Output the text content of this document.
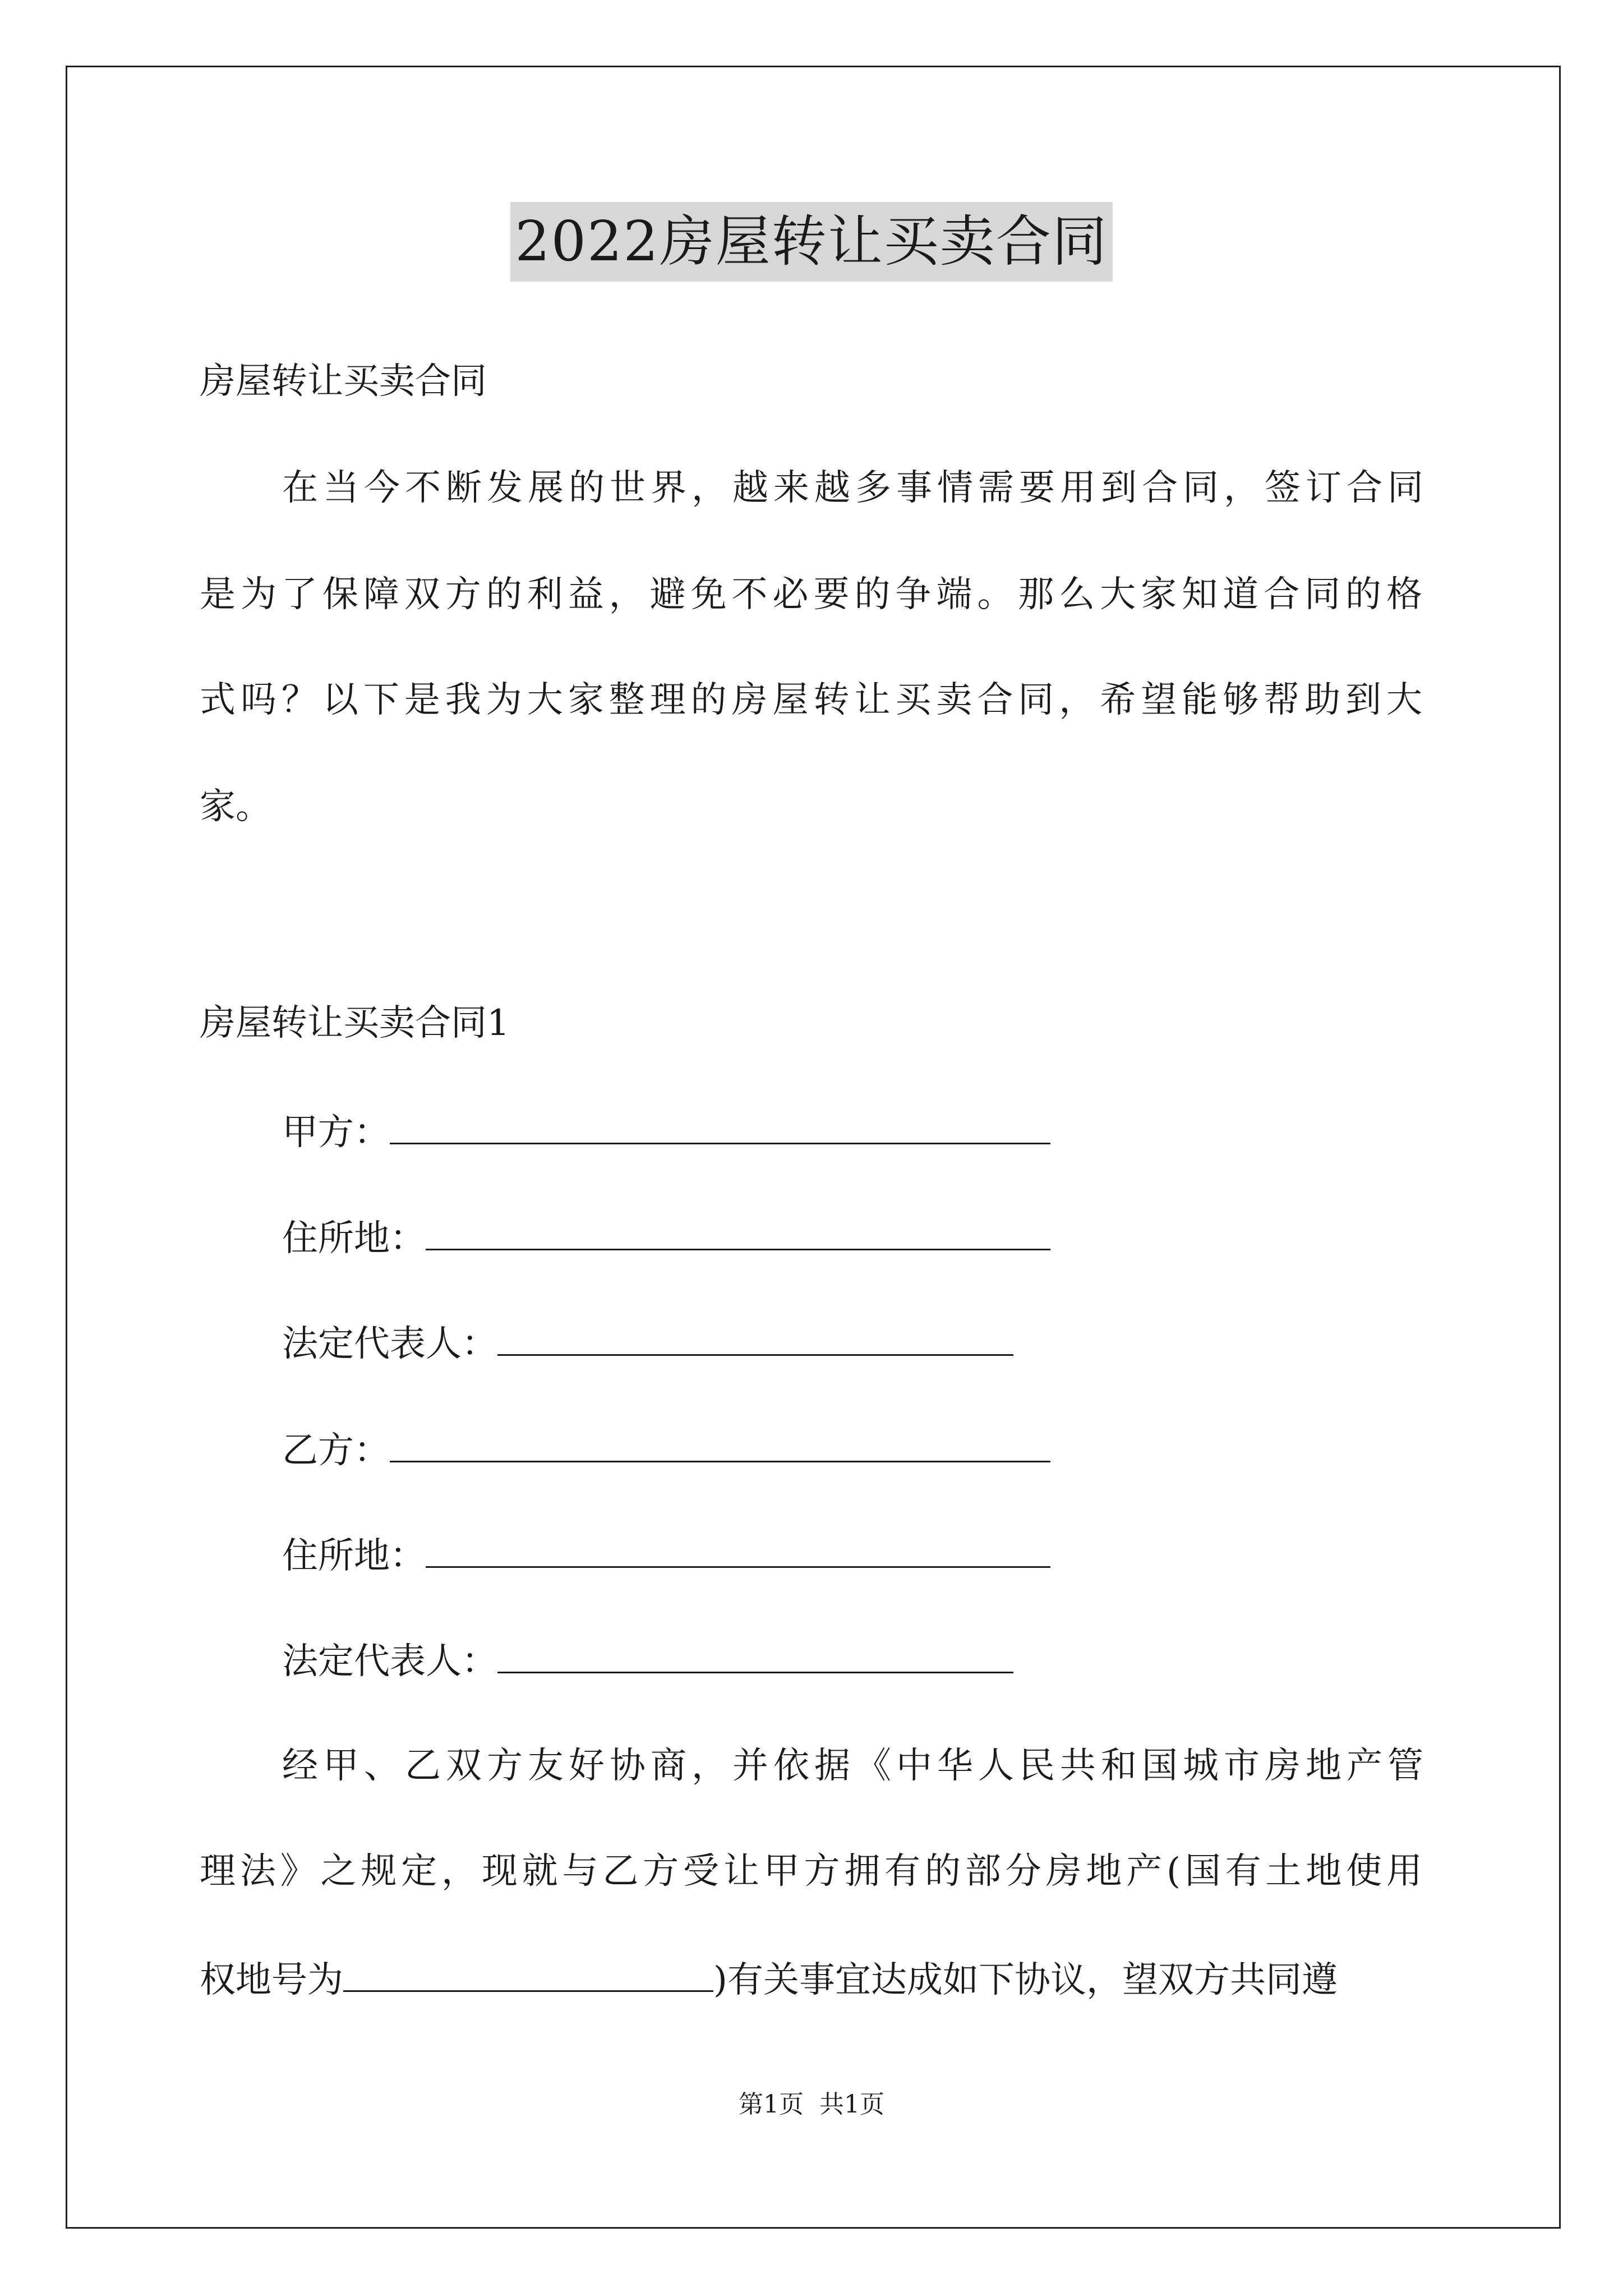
2022房屋转让买卖合同
房屋转让买卖合同
在当今不断发展的世界，越来越多事情需要用到合同，签订合同
是为了保障双方的利益，避免不必要的争端。那么大家知道合同的格
式吗？以下是我为大家整理的房屋转让买卖合同，希望能够帮助到大
家。
房屋转让买卖合同1
甲方：
住所地：
法定代表人：
乙方：
住所地：
法定代表人：
经甲、乙双方友好协商，并依据《中华人民共和国城市房地产管
理法》之规定，现就与乙方受让甲方拥有的部分房地产(国有土地使用
权地号为	)有关事宜达成如下协议，望双方共同遵
第1页 共1页
